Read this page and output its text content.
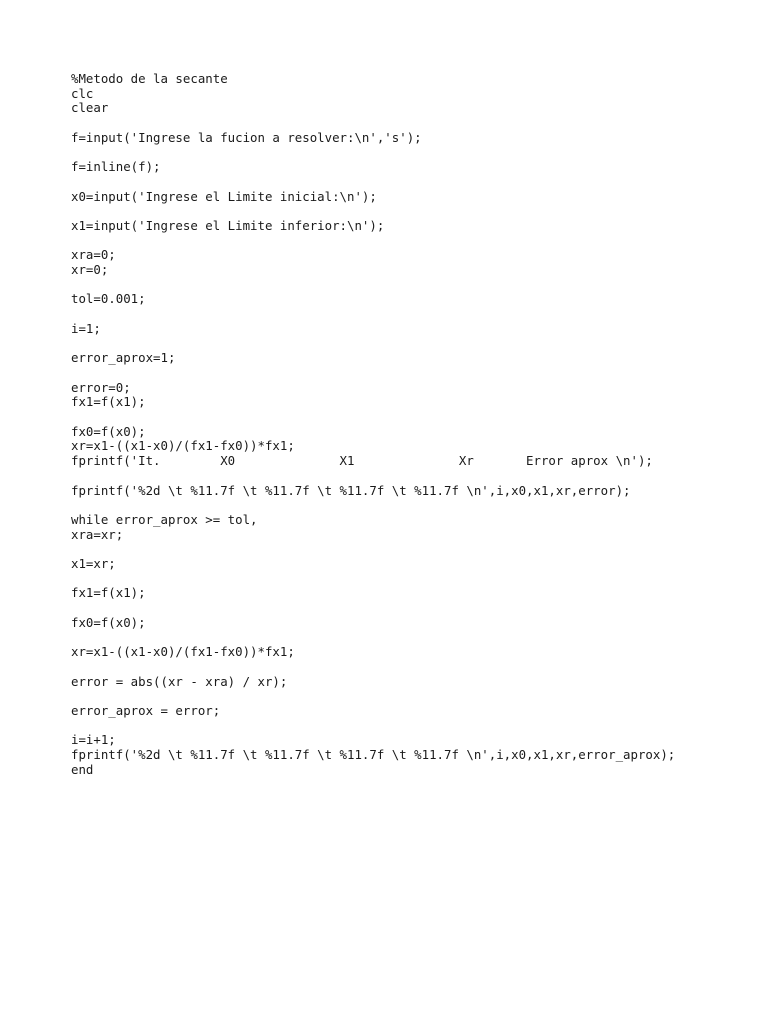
%Metodo de la secante
clc
clear
f=input('Ingrese la fucion a resolver:\n','s');
f=inline(f);
x0=input('Ingrese el Limite inicial:\n');
x1=input('Ingrese el Limite inferior:\n');
xra=0;
xr=0;
tol=0.001;
i=1;
error_aprox=1;
error=0;
fx1=f(x1);
fx0=f(x0);
xr=x1-((x1-x0)/(fx1-fx0))*fx1;
fprintf('It.        X0              X1              Xr       Error aprox \n');
fprintf('%2d \t %11.7f \t %11.7f \t %11.7f \t %11.7f \n',i,x0,x1,xr,error);
while error_aprox >= tol,
xra=xr;
x1=xr;
fx1=f(x1);
fx0=f(x0);
xr=x1-((x1-x0)/(fx1-fx0))*fx1;
error = abs((xr - xra) / xr);
error_aprox = error;
i=i+1;
fprintf('%2d \t %11.7f \t %11.7f \t %11.7f \t %11.7f \n',i,x0,x1,xr,error_aprox);
end
